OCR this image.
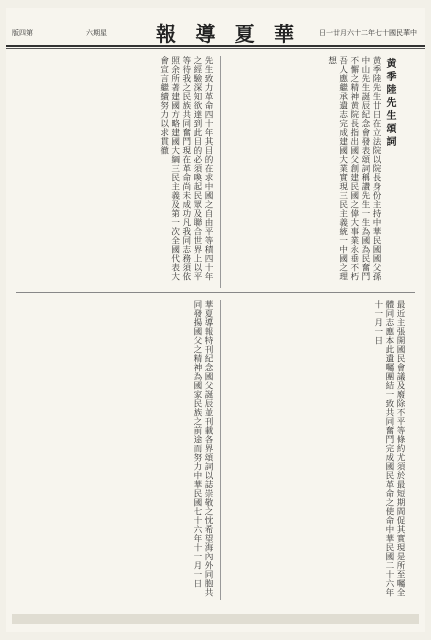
版四第	六期星	日一廿月六十二年七十國民華中
報 導 夏 華
黄季陸先生頌詞
黄季陸先生廿日在立法院以院長身份主持中華民國國父孫中山先生誕辰紀念會發表頌詞稱讚先生一生為國為民奮鬥不懈之精神黄院長指出國父創建民國之偉大事業永垂不朽吾人應繼承遺志完成建國大業實現三民主義統一中國之理想
先生致力革命四十年其目的在求中國之自由平等積四十年之經驗深知欲達到此目的必須喚起民眾及聯合世界上以平等待我之民族共同奮鬥現在革命尚未成功凡我同志務須依照余所著建國方略建國大綱三民主義及第一次全國代表大會宣言繼續努力以求貫徹
最近主張開國民會議及廢除不平等條約尤須於最短期間促其實現是所至囑全體同志應本此遺囑團結一致共同奮鬥完成國民革命之使命中華民國二十六年十一月一日
華夏導報特刊紀念國父誕辰並刊載各界頌詞以誌崇敬之忱希望海內外同胞共同發揚國父之精神為國家民族之前途而努力中華民國七十六年十一月一日
